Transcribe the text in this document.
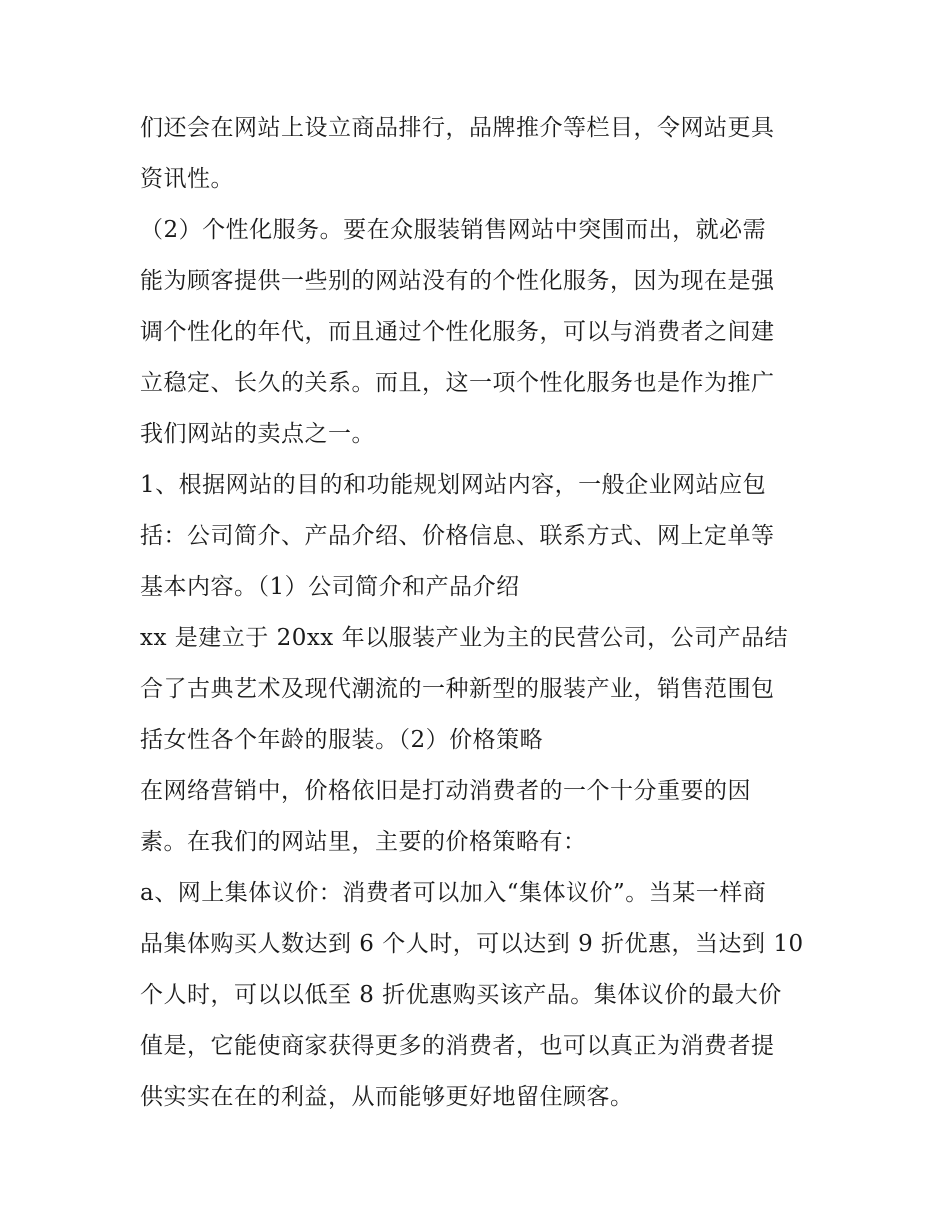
们还会在网站上设立商品排行，品牌推介等栏目，令网站更具
资讯性。
（2）个性化服务。要在众服装销售网站中突围而出，就必需
能为顾客提供一些别的网站没有的个性化服务，因为现在是强
调个性化的年代，而且通过个性化服务，可以与消费者之间建
立稳定、长久的关系。而且，这一项个性化服务也是作为推广
我们网站的卖点之一。
1、根据网站的目的和功能规划网站内容，一般企业网站应包
括：公司简介、产品介绍、价格信息、联系方式、网上定单等
基本内容。（1）公司简介和产品介绍
xx 是建立于 20xx 年以服装产业为主的民营公司，公司产品结
合了古典艺术及现代潮流的一种新型的服装产业，销售范围包
括女性各个年龄的服装。（2）价格策略
在网络营销中，价格依旧是打动消费者的一个十分重要的因
素。在我们的网站里，主要的价格策略有：
a、网上集体议价：消费者可以加入“集体议价”。当某一样商
品集体购买人数达到 6 个人时，可以达到 9 折优惠，当达到 10
个人时，可以以低至 8 折优惠购买该产品。集体议价的最大价
值是，它能使商家获得更多的消费者，也可以真正为消费者提
供实实在在的利益，从而能够更好地留住顾客。
